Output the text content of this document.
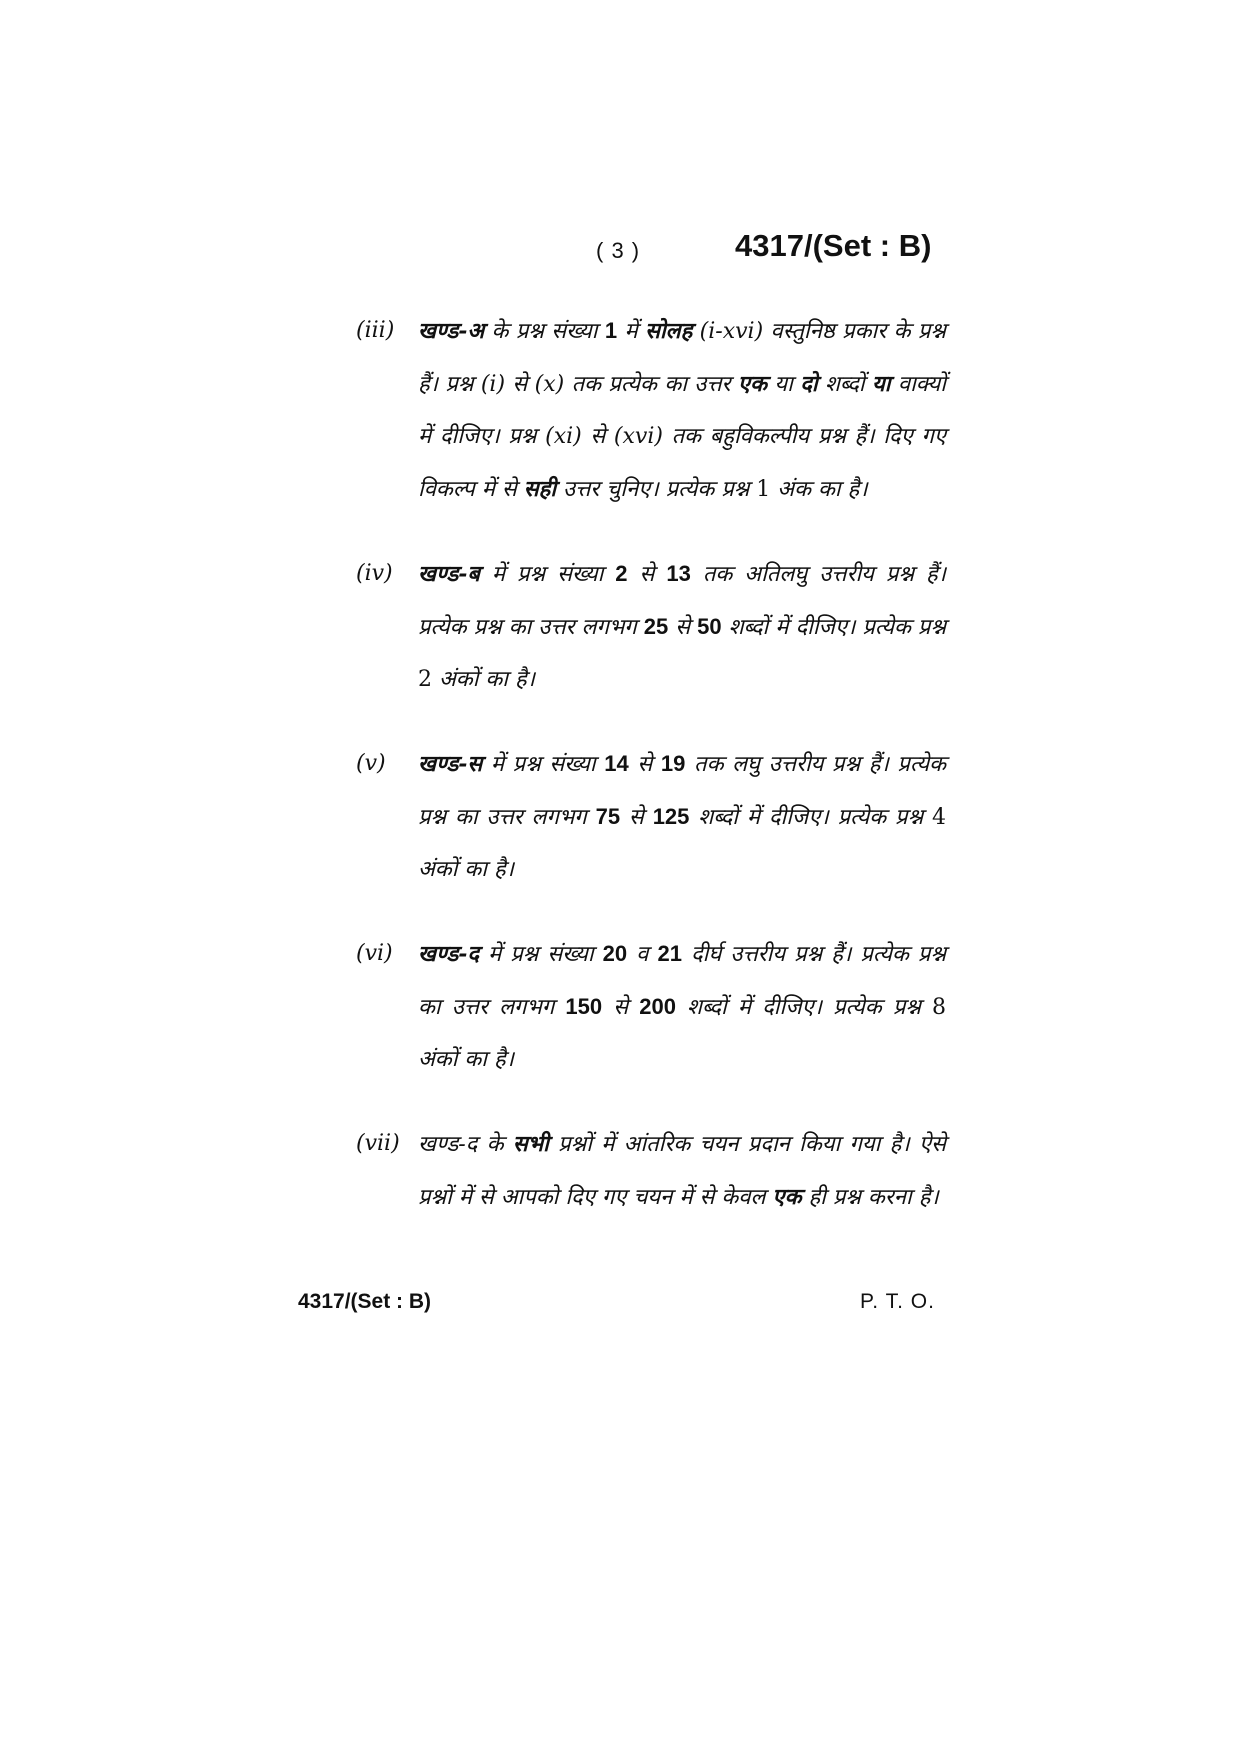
( 3 )	4317/(Set : B)
(iii) खण्ड-अ के प्रश्न संख्या 1 में सोलह (i-xvi) वस्तुनिष्ठ प्रकार के प्रश्न हैं। प्रश्न (i) से (x) तक प्रत्येक का उत्तर एक या दो शब्दों या वाक्यों में दीजिए। प्रश्न (xi) से (xvi) तक बहुविकल्पीय प्रश्न हैं। दिए गए विकल्प में से सही उत्तर चुनिए। प्रत्येक प्रश्न 1 अंक का है।
(iv) खण्ड-ब में प्रश्न संख्या 2 से 13 तक अतिलघु उत्तरीय प्रश्न हैं। प्रत्येक प्रश्न का उत्तर लगभग 25 से 50 शब्दों में दीजिए। प्रत्येक प्रश्न 2 अंकों का है।
(v) खण्ड-स में प्रश्न संख्या 14 से 19 तक लघु उत्तरीय प्रश्न हैं। प्रत्येक प्रश्न का उत्तर लगभग 75 से 125 शब्दों में दीजिए। प्रत्येक प्रश्न 4 अंकों का है।
(vi) खण्ड-द में प्रश्न संख्या 20 व 21 दीर्घ उत्तरीय प्रश्न हैं। प्रत्येक प्रश्न का उत्तर लगभग 150 से 200 शब्दों में दीजिए। प्रत्येक प्रश्न 8 अंकों का है।
(vii) खण्ड-द के सभी प्रश्नों में आंतरिक चयन प्रदान किया गया है। ऐसे प्रश्नों में से आपको दिए गए चयन में से केवल एक ही प्रश्न करना है।
4317/(Set : B)	P. T. O.
